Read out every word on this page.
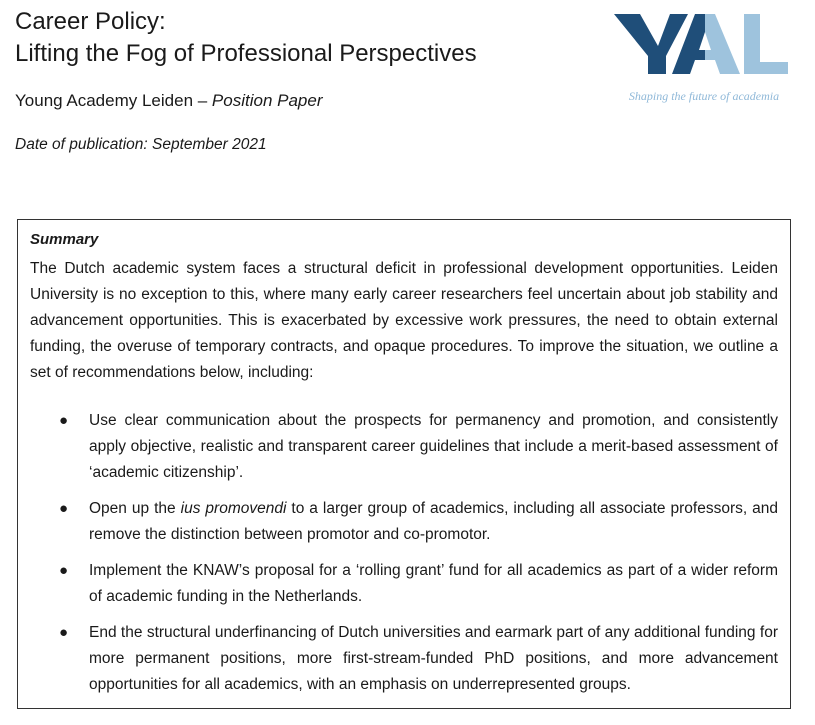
Career Policy:
Lifting the Fog of Professional Perspectives
Young Academy Leiden – Position Paper
Date of publication: September 2021
Shaping the future of academia
Summary

The Dutch academic system faces a structural deficit in professional development opportunities. Leiden University is no exception to this, where many early career researchers feel uncertain about job stability and advancement opportunities. This is exacerbated by excessive work pressures, the need to obtain external funding, the overuse of temporary contracts, and opaque procedures. To improve the situation, we outline a set of recommendations below, including:

● Use clear communication about the prospects for permanency and promotion, and consistently apply objective, realistic and transparent career guidelines that include a merit-based assessment of ‘academic citizenship’.
● Open up the ius promovendi to a larger group of academics, including all associate professors, and remove the distinction between promotor and co-promotor.
● Implement the KNAW’s proposal for a ‘rolling grant’ fund for all academics as part of a wider reform of academic funding in the Netherlands.
● End the structural underfinancing of Dutch universities and earmark part of any additional funding for more permanent positions, more first-stream-funded PhD positions, and more advancement opportunities for all academics, with an emphasis on underrepresented groups.
